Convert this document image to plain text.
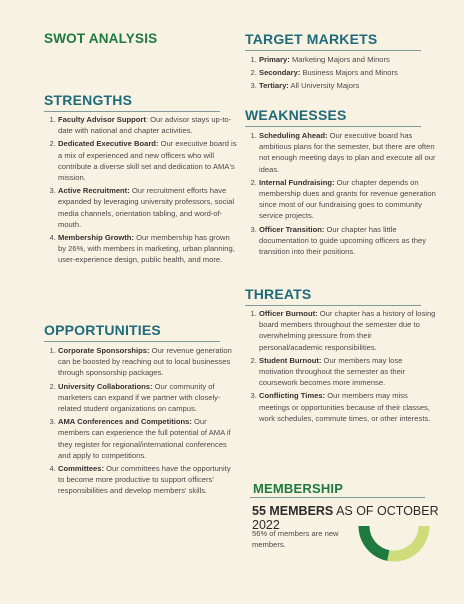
SWOT ANALYSIS
STRENGTHS
1. Faculty Advisor Support: Our advisor stays up-to-date with national and chapter activities.
2. Dedicated Executive Board: Our executive board is a mix of experienced and new officers who will contribute a diverse skill set and dedication to AMA's mission.
3. Active Recruitment: Our recruitment efforts have expanded by leveraging university professors, social media channels, orientation tabling, and word-of-mouth.
4. Membership Growth: Our membership has grown by 26%, with members in marketing, urban planning, user-experience design, public health, and more.
OPPORTUNITIES
1. Corporate Sponsorships: Our revenue generation can be boosted by reaching out to local businesses through sponsorship packages.
2. University Collaborations: Our community of marketers can expand if we partner with closely-related student organizations on campus.
3. AMA Conferences and Competitions: Our members can experience the full potential of AMA if they register for regional/international conferences and apply to competitions.
4. Committees: Our committees have the opportunity to become more productive to support officers' responsibilities and develop members' skills.
TARGET MARKETS
1. Primary: Marketing Majors and Minors
2. Secondary: Business Majors and Minors
3. Tertiary: All University Majors
WEAKNESSES
1. Scheduling Ahead: Our executive board has ambitious plans for the semester, but there are often not enough meeting days to plan and execute all our ideas.
2. Internal Fundraising: Our chapter depends on membership dues and grants for revenue generation since most of our fundraising goes to community service projects.
3. Officer Transition: Our chapter has little documentation to guide upcoming officers as they transition into their positions.
THREATS
1. Officer Burnout: Our chapter has a history of losing board members throughout the semester due to overwhelming pressure from their personal/academic responsibilities.
2. Student Burnout: Our members may lose motivation throughout the semester as their coursework becomes more immense.
3. Conflicting Times: Our members may miss meetings or opportunities because of their classes, work schedules, commute times, or other interests.
MEMBERSHIP
55 MEMBERS AS OF OCTOBER 2022
56% of members are new members.
